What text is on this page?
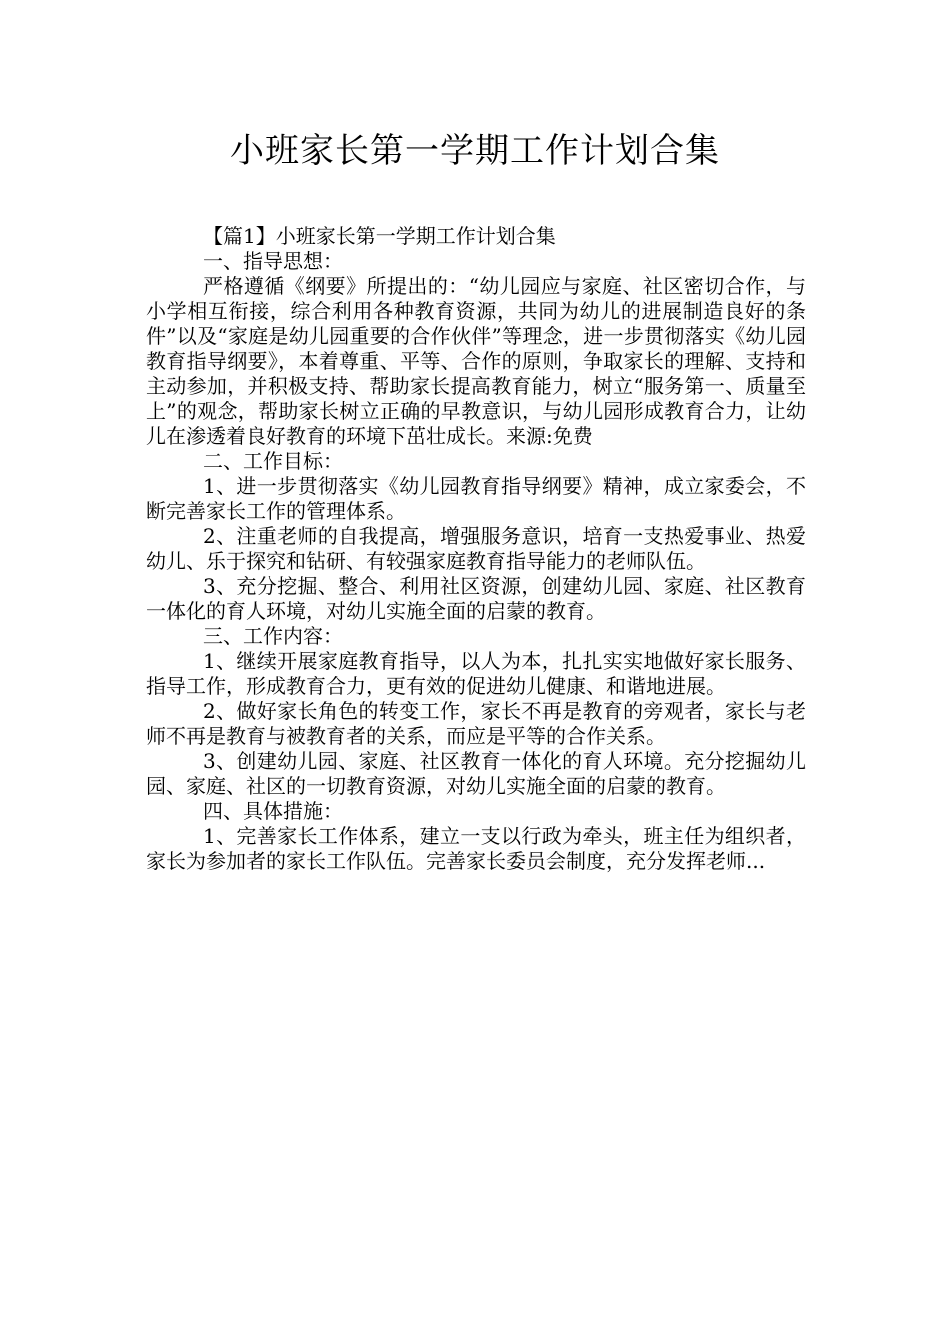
小班家长第一学期工作计划合集

【篇1】小班家长第一学期工作计划合集

一、指导思想：

严格遵循《纲要》所提出的：“幼儿园应与家庭、社区密切合作，与小学相互衔接，综合利用各种教育资源，共同为幼儿的进展制造良好的条件”以及“家庭是幼儿园重要的合作伙伴”等理念，进一步贯彻落实《幼儿园教育指导纲要》，本着尊重、平等、合作的原则，争取家长的理解、支持和主动参加，并积极支持、帮助家长提高教育能力，树立“服务第一、质量至上”的观念，帮助家长树立正确的早教意识，与幼儿园形成教育合力，让幼儿在渗透着良好教育的环境下茁壮成长。来源:免费

二、工作目标：

1、进一步贯彻落实《幼儿园教育指导纲要》精神，成立家委会，不断完善家长工作的管理体系。

2、注重老师的自我提高，增强服务意识，培育一支热爱事业、热爱幼儿、乐于探究和钻研、有较强家庭教育指导能力的老师队伍。

3、充分挖掘、整合、利用社区资源，创建幼儿园、家庭、社区教育一体化的育人环境，对幼儿实施全面的启蒙的教育。

三、工作内容：

1、继续开展家庭教育指导，以人为本，扎扎实实地做好家长服务、指导工作，形成教育合力，更有效的促进幼儿健康、和谐地进展。

2、做好家长角色的转变工作，家长不再是教育的旁观者，家长与老师不再是教育与被教育者的关系，而应是平等的合作关系。

3、创建幼儿园、家庭、社区教育一体化的育人环境。充分挖掘幼儿园、家庭、社区的一切教育资源，对幼儿实施全面的启蒙的教育。

四、具体措施：

1、完善家长工作体系，建立一支以行政为牵头，班主任为组织者，家长为参加者的家长工作队伍。完善家长委员会制度，充分发挥老师...
